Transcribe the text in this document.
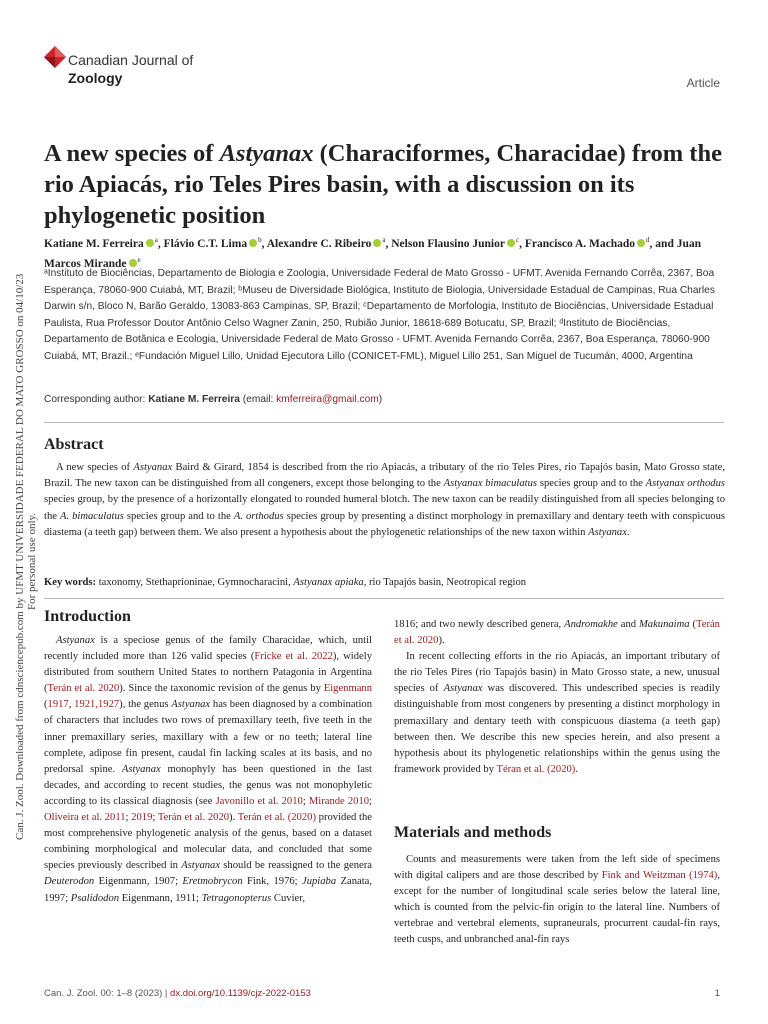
Can. J. Zool. Downloaded from cdnsciencepub.com by UFMT UNIVERSIDADE FEDERAL DO MATO GROSSO on 04/10/23 For personal use only.
Canadian Journal of
Zoology	Article
A new species of Astyanax (Characiformes, Characidae) from the rio Apiacás, rio Teles Pires basin, with a discussion on its phylogenetic position
Katiane M. Ferreira $^a$, Flávio C.T. Lima $^b$, Alexandre C. Ribeiro $^a$, Nelson Flausino Junior $^c$, Francisco A. Machado $^d$, and Juan Marcos Mirande $^e$
ᵃInstituto de Biociências, Departamento de Biologia e Zoologia, Universidade Federal de Mato Grosso - UFMT. Avenida Fernando Corrêa, 2367, Boa Esperança, 78060-900 Cuiabá, MT, Brazil; ᵇMuseu de Diversidade Biológica, Instituto de Biologia, Universidade Estadual de Campinas, Rua Charles Darwin s/n, Bloco N, Barão Geraldo, 13083-863 Campinas, SP, Brazil; ᶜDepartamento de Morfologia, Instituto de Biociências, Universidade Estadual Paulista, Rua Professor Doutor Antônio Celso Wagner Zanin, 250, Rubião Junior, 18618-689 Botucatu, SP, Brazil; ᵈInstituto de Biociências, Departamento de Botânica e Ecologia, Universidade Federal de Mato Grosso - UFMT. Avenida Fernando Corrêa, 2367, Boa Esperança, 78060-900 Cuiabá, MT, Brazil.; ᵉFundación Miguel Lillo, Unidad Ejecutora Lillo (CONICET-FML), Miguel Lillo 251, San Miguel de Tucumán, 4000, Argentina
Corresponding author: Katiane M. Ferreira (email: kmferreira@gmail.com)
Abstract
A new species of Astyanax Baird & Girard, 1854 is described from the rio Apiacás, a tributary of the rio Teles Pires, rio Tapajós basin, Mato Grosso state, Brazil. The new taxon can be distinguished from all congeners, except those belonging to the Astyanax bimaculatus species group and to the Astyanax orthodus species group, by the presence of a horizontally elongated to rounded humeral blotch. The new taxon can be readily distinguished from all species belonging to the A. bimaculatus species group and to the A. orthodus species group by presenting a distinct morphology in premaxillary and dentary teeth with conspicuous diastema (a teeth gap) between them. We also present a hypothesis about the phylogenetic relationships of the new taxon within Astyanax.
Key words: taxonomy, Stethaprioninae, Gymnocharacini, Astyanax apiaka, rio Tapajós basin, Neotropical region
Introduction

Astyanax is a speciose genus of the family Characidae, which, until recently included more than 126 valid species (Fricke et al. 2022), widely distributed from southern United States to northern Patagonia in Argentina (Terán et al. 2020). Since the taxonomic revision of the genus by Eigenmann (1917, 1921,1927), the genus Astyanax has been diagnosed by a combination of characters that includes two rows of premaxillary teeth, five teeth in the inner premaxillary series, maxillary with a few or no teeth; lateral line complete, adipose fin present, caudal fin lacking scales at its basis, and no predorsal spine. Astyanax monophyly has been questioned in the last decades, and according to recent studies, the genus was not monophyletic according to its classical diagnosis (see Javonillo et al. 2010; Mirande 2010; Oliveira et al. 2011; 2019; Terán et al. 2020). Terán et al. (2020) provided the most comprehensive phylogenetic analysis of the genus, based on a dataset combining morphological and molecular data, and concluded that some species previously described in Astyanax should be reassigned to the genera Deuterodon Eigenmann, 1907; Eretmobrycon Fink, 1976; Jupiaba Zanata, 1997; Psalidodon Eigenmann, 1911; Tetragonopterus Cuvier,

1816; and two newly described genera, Andromakhe and Makunaima (Terán et al. 2020).

In recent collecting efforts in the rio Apiacás, an important tributary of the rio Teles Pires (rio Tapajós basin) in Mato Grosso state, a new, unusual species of Astyanax was discovered. This undescribed species is readily distinguishable from most congeners by presenting a distinct morphology in premaxillary and dentary teeth with conspicuous diastema (a teeth gap) between then. We describe this new species herein, and also present a hypothesis about its phylogenetic relationships within the genus using the framework provided by Téran et al. (2020).

Materials and methods

Counts and measurements were taken from the left side of specimens with digital calipers and are those described by Fink and Weitzman (1974), except for the number of longitudinal scale series below the lateral line, which is counted from the pelvic-fin origin to the lateral line. Numbers of vertebrae and vertebral elements, supraneurals, procurrent caudal-fin rays, teeth cusps, and unbranched anal-fin rays

Can. J. Zool. 00: 1–8 (2023) | dx.doi.org/10.1139/cjz-2022-0153	1
